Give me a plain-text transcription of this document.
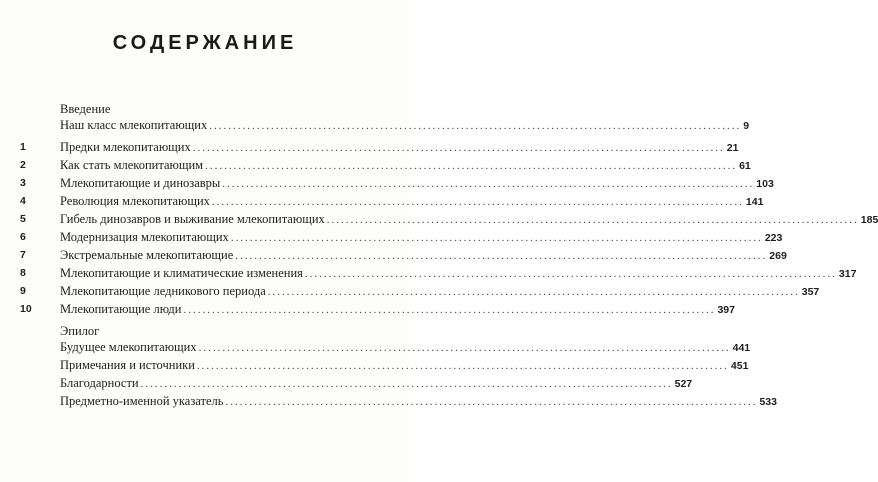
СОДЕРЖАНИЕ
Введение
Наш класс млекопитающих ................................................................................................................ 9
1	Предки млекопитающих ................................................................................................................ 21
2	Как стать млекопитающим ................................................................................................................ 61
3	Млекопитающие и динозавры ................................................................................................................ 103
4	Революция млекопитающих ................................................................................................................ 141
5	Гибель динозавров и выживание млекопитающих ................................................................................................................ 185
6	Модернизация млекопитающих ................................................................................................................ 223
7	Экстремальные млекопитающие ................................................................................................................ 269
8	Млекопитающие и климатические изменения ................................................................................................................ 317
9	Млекопитающие ледникового периода ................................................................................................................ 357
10 Млекопитающие люди ................................................................................................................ 397
Эпилог
Будущее млекопитающих ................................................................................................................ 441
Примечания и источники ................................................................................................................ 451
Благодарности ................................................................................................................ 527
Предметно-именной указатель ................................................................................................................ 533
